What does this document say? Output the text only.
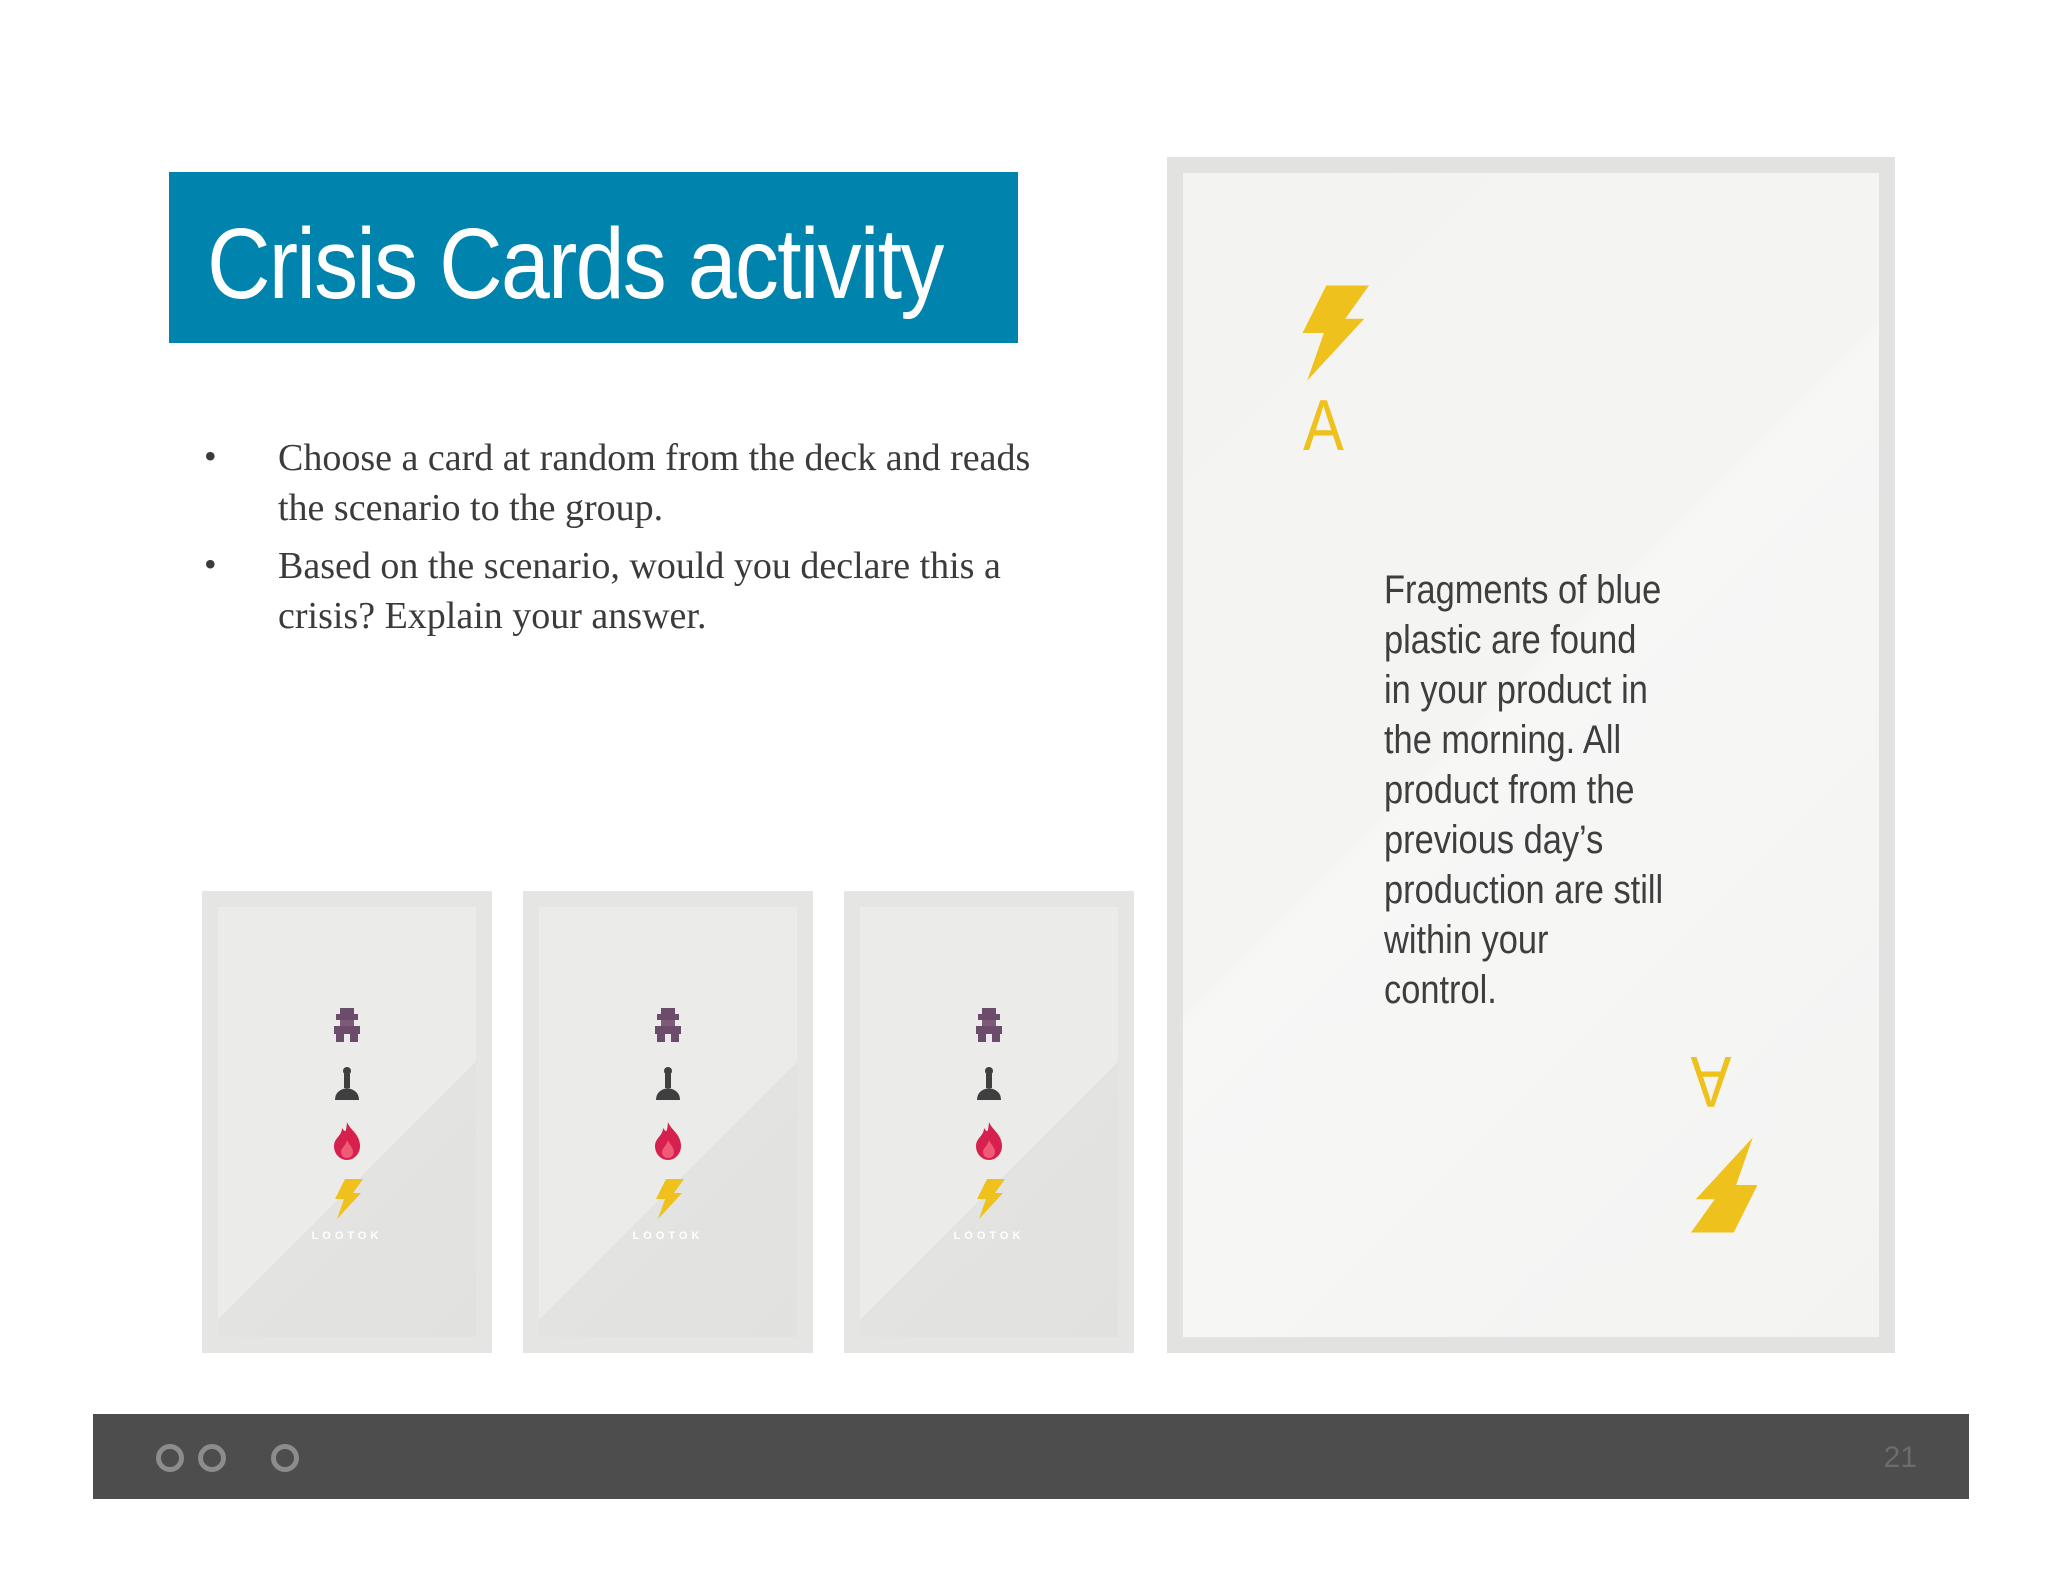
Crisis Cards activity
• Choose a card at random from the deck and reads the scenario to the group.
• Based on the scenario, would you declare this a crisis? Explain your answer.
LOOTOK	LOOTOK	LOOTOK
A
Fragments of blue plastic are found in your product in the morning. All product from the previous day’s production are still within your control.
A
21
